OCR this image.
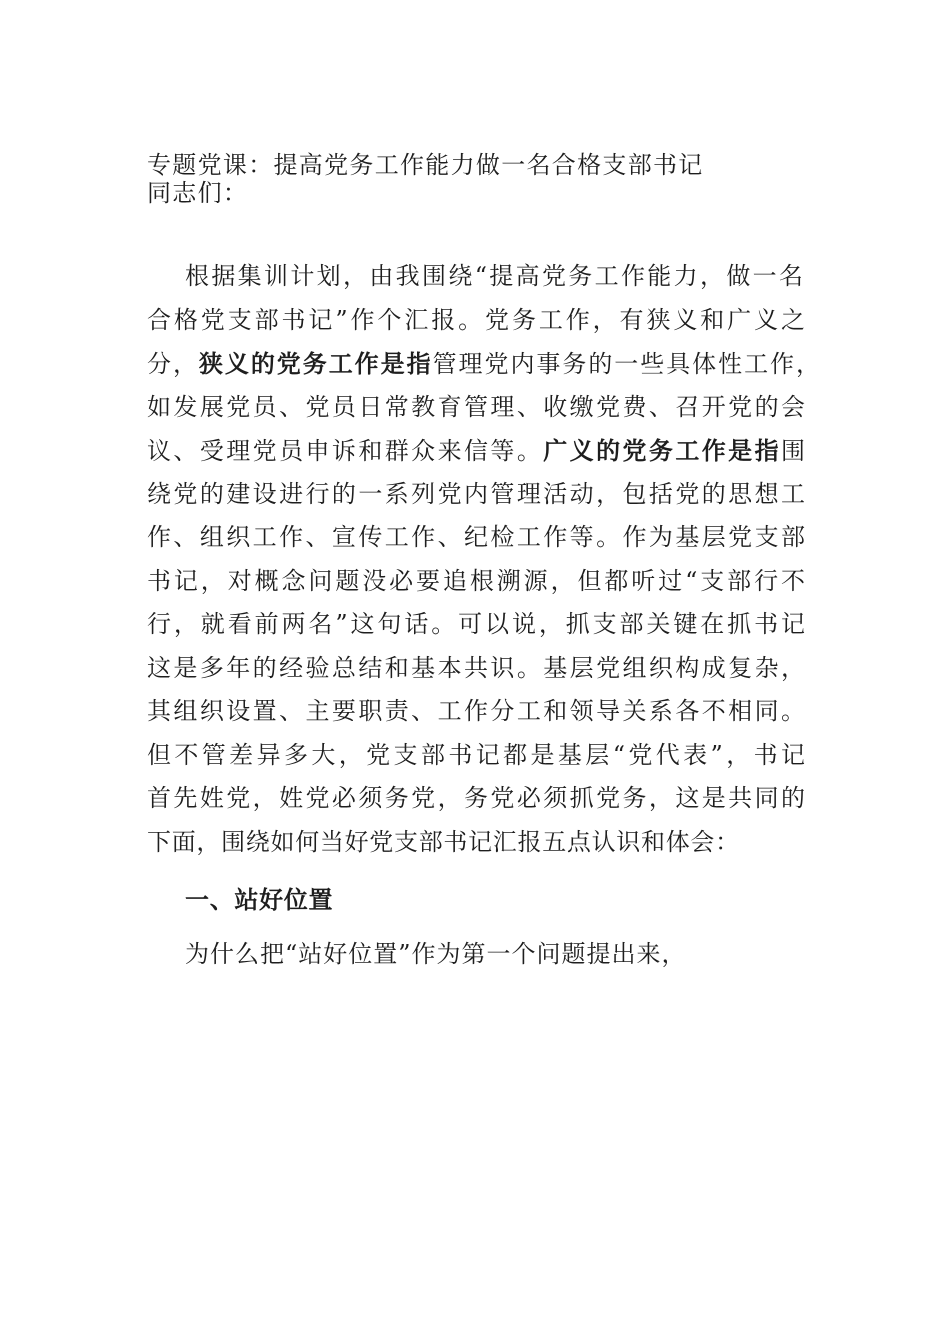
专题党课：提高党务工作能力做一名合格支部书记
同志们：
根据集训计划，由我围绕“提高党务工作能力，做一名
合格党支部书记”作个汇报。党务工作，有狭义和广义之
分，狭义的党务工作是指管理党内事务的一些具体性工作，
如发展党员、党员日常教育管理、收缴党费、召开党的会
议、受理党员申诉和群众来信等。广义的党务工作是指围
绕党的建设进行的一系列党内管理活动，包括党的思想工
作、组织工作、宣传工作、纪检工作等。作为基层党支部
书记，对概念问题没必要追根溯源，但都听过“支部行不
行，就看前两名”这句话。可以说，抓支部关键在抓书记
这是多年的经验总结和基本共识。基层党组织构成复杂，
其组织设置、主要职责、工作分工和领导关系各不相同。
但不管差异多大，党支部书记都是基层“党代表”，书记
首先姓党，姓党必须务党，务党必须抓党务，这是共同的
下面，围绕如何当好党支部书记汇报五点认识和体会：
一、站好位置
为什么把“站好位置”作为第一个问题提出来，
